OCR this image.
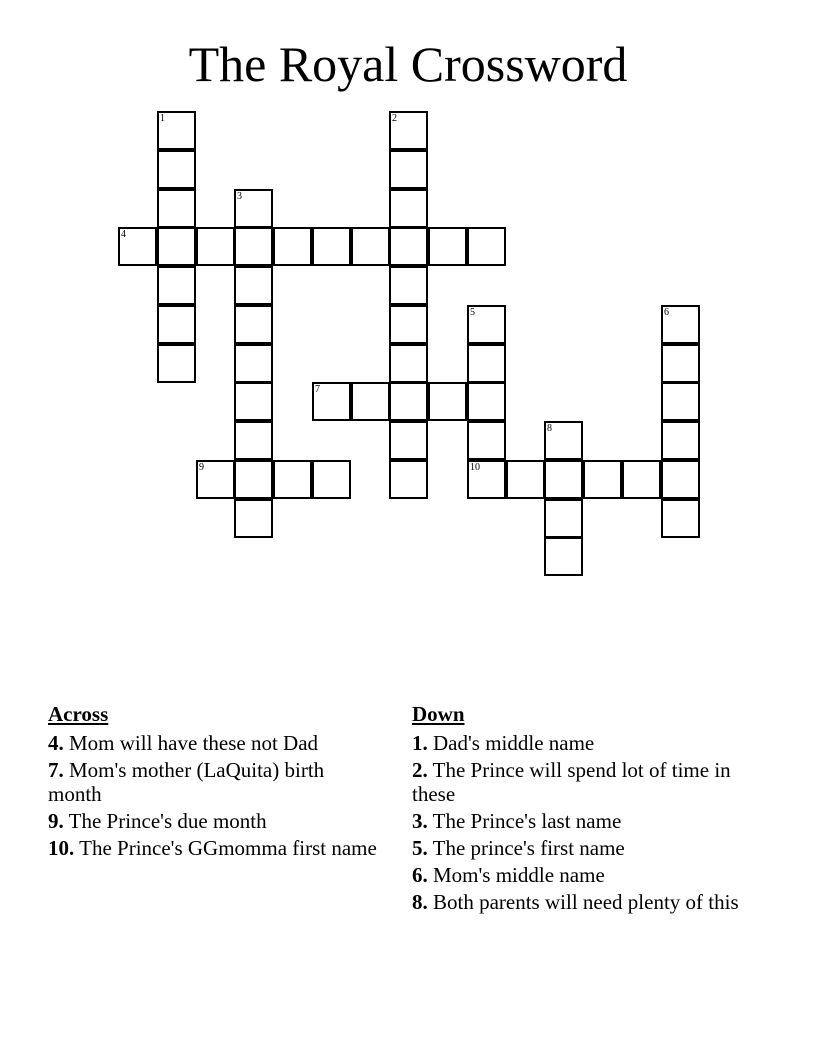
The Royal Crossword
1	2
3
4
5
10
6
7
8
9
Across
4. Mom will have these not Dad
7. Mom's mother (LaQuita) birth month
9. The Prince's due month
10. The Prince's GGmomma first name
Down
1. Dad's middle name
2. The Prince will spend lot of time in these
3. The Prince's last name
5. The prince's first name
6. Mom's middle name
8. Both parents will need plenty of this
